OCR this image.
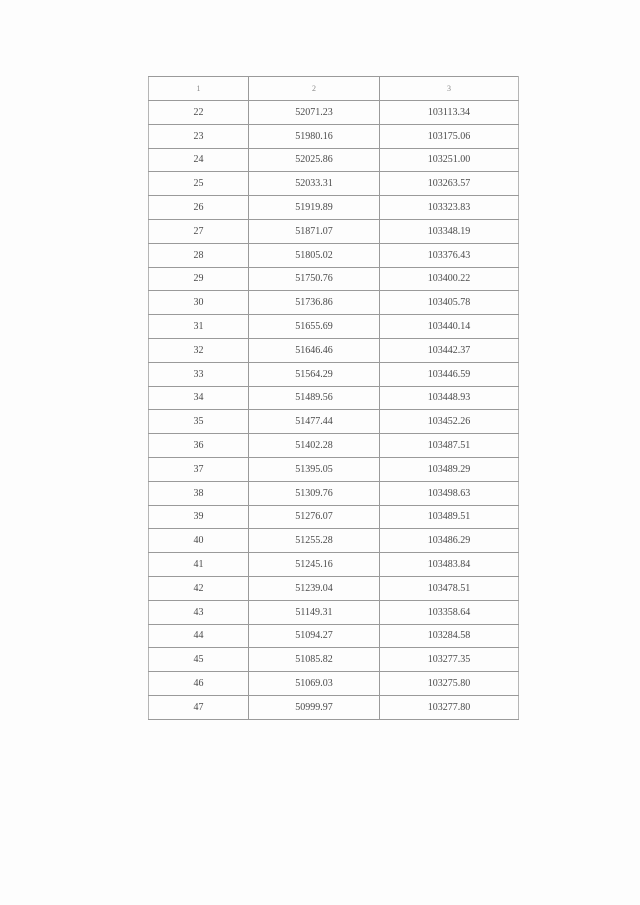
1	2	3
22	52071.23	103113.34
23	51980.16	103175.06
24	52025.86	103251.00
25	52033.31	103263.57
26	51919.89	103323.83
27	51871.07	103348.19
28	51805.02	103376.43
29	51750.76	103400.22
30	51736.86	103405.78
31	51655.69	103440.14
32	51646.46	103442.37
33	51564.29	103446.59
34	51489.56	103448.93
35	51477.44	103452.26
36	51402.28	103487.51
37	51395.05	103489.29
38	51309.76	103498.63
39	51276.07	103489.51
40	51255.28	103486.29
41	51245.16	103483.84
42	51239.04	103478.51
43	51149.31	103358.64
44	51094.27	103284.58
45	51085.82	103277.35
46	51069.03	103275.80
47	50999.97	103277.80
